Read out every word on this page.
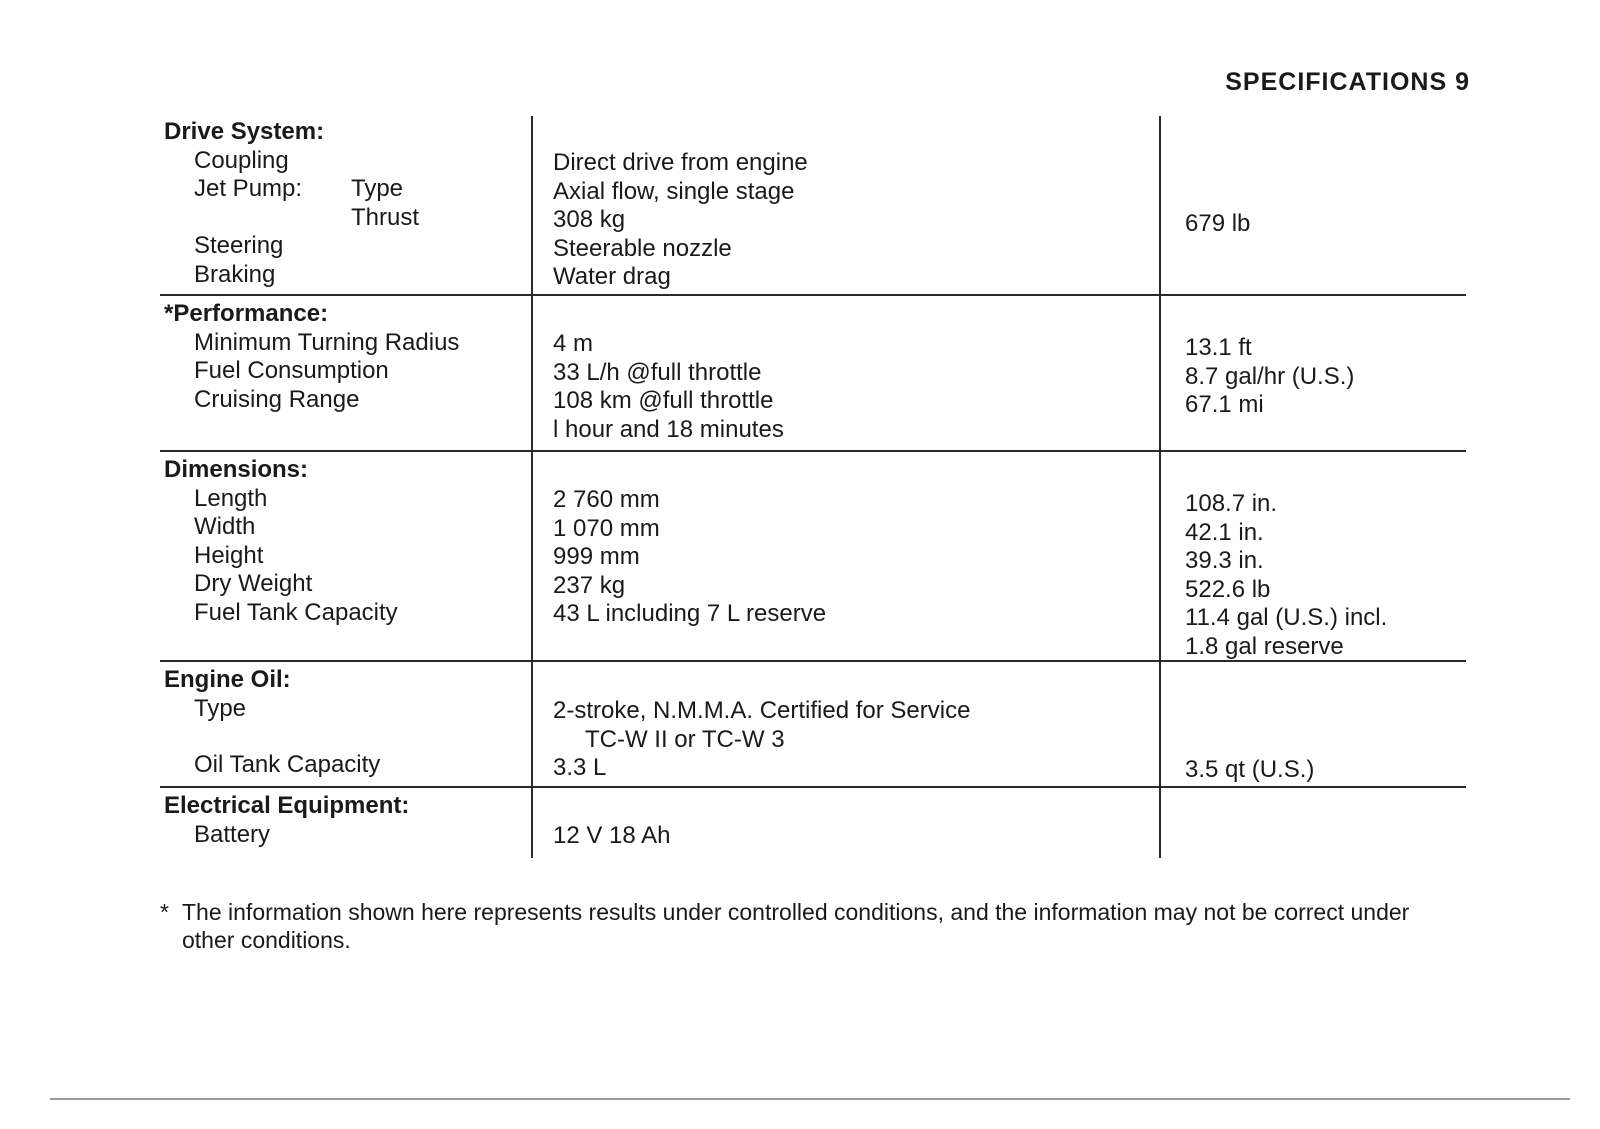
SPECIFICATIONS 9
Drive System:
Coupling
Jet Pump: Type
Thrust
Steering
Braking
Direct drive from engine
Axial flow, single stage
308 kg
Steerable nozzle
Water drag
679 lb
*Performance:
Minimum Turning Radius
Fuel Consumption
Cruising Range
4 m
33 L/h @full throttle
108 km @full throttle
l hour and 18 minutes
13.1 ft
8.7 gal/hr (U.S.)
67.1 mi
Dimensions:
Length
Width
Height
Dry Weight
Fuel Tank Capacity
2 760 mm
1 070 mm
999 mm
237 kg
43 L including 7 L reserve
108.7 in.
42.1 in.
39.3 in.
522.6 lb
11.4 gal (U.S.) incl.
1.8 gal reserve
Engine Oil:
Type
Oil Tank Capacity
2-stroke, N.M.M.A. Certified for Service
TC-W II or TC-W 3
3.3 L	3.5 qt (U.S.)
Electrical Equipment:
Battery	12 V 18 Ah
* The information shown here represents results under controlled conditions, and the information may not be correct under other conditions.
